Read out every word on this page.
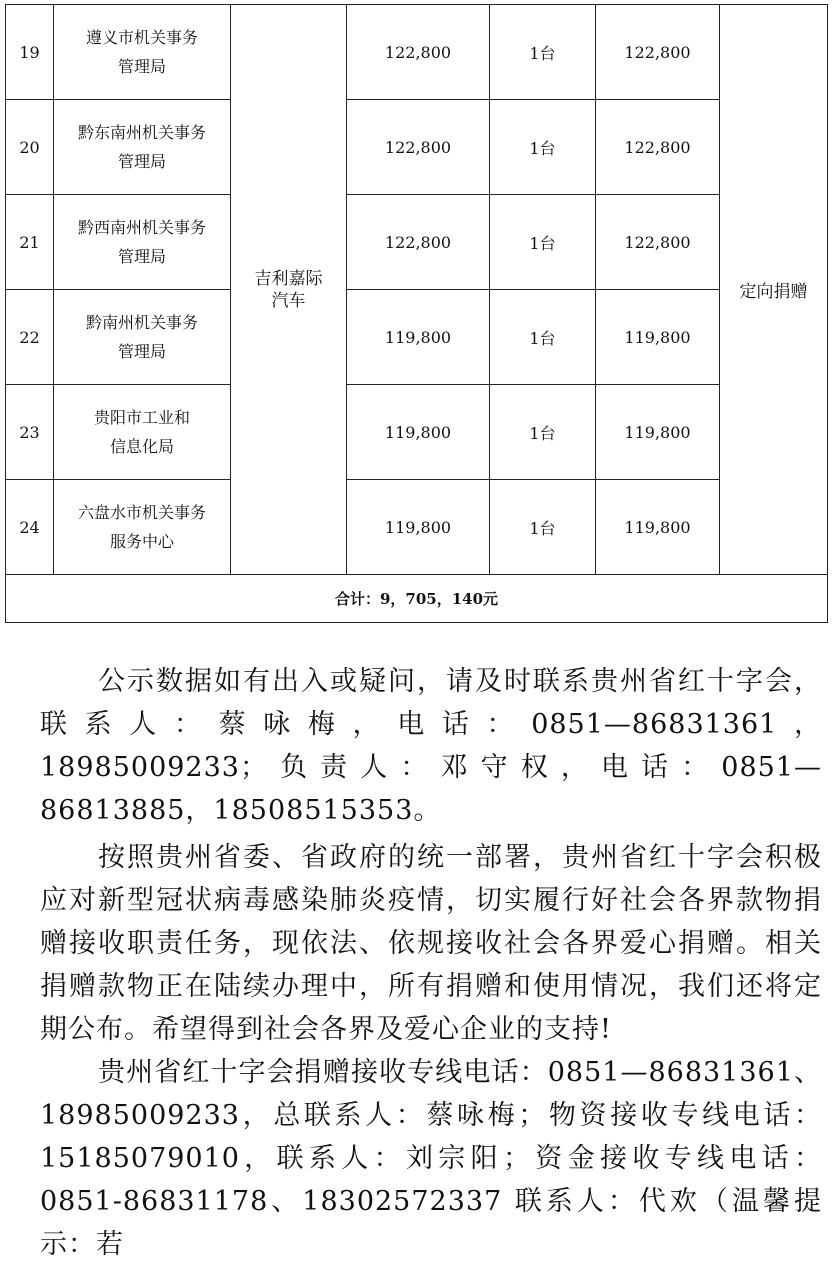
19	遵义市机关事务
管理局	吉利嘉际
汽车	122,800	1台	122,800	定向捐赠
20	黔东南州机关事务
管理局		122,800	1台	122,800	
21	黔西南州机关事务
管理局		122,800	1台	122,800	
22	黔南州机关事务
管理局		119,800	1台	119,800	
23	贵阳市工业和
信息化局		119,800	1台	119,800	
24	六盘水市机关事务
服务中心		119,800	1台	119,800	
合计：9，705，140元						

公示数据如有出入或疑问，请及时联系贵州省红十字会，联系人：蔡咏梅，电话：0851—86831361，18985009233；负责人：邓守权，电话：0851—86813885，18508515353。

按照贵州省委、省政府的统一部署，贵州省红十字会积极应对新型冠状病毒感染肺炎疫情，切实履行好社会各界款物捐赠接收职责任务，现依法、依规接收社会各界爱心捐赠。相关捐赠款物正在陆续办理中，所有捐赠和使用情况，我们还将定期公布。希望得到社会各界及爱心企业的支持!

贵州省红十字会捐赠接收专线电话：0851—86831361、18985009233，总联系人：蔡咏梅；物资接收专线电话：15185079010，联系人：刘宗阳；资金接收专线电话：0851-86831178、18302572337 联系人：代欢（温馨提示：若
